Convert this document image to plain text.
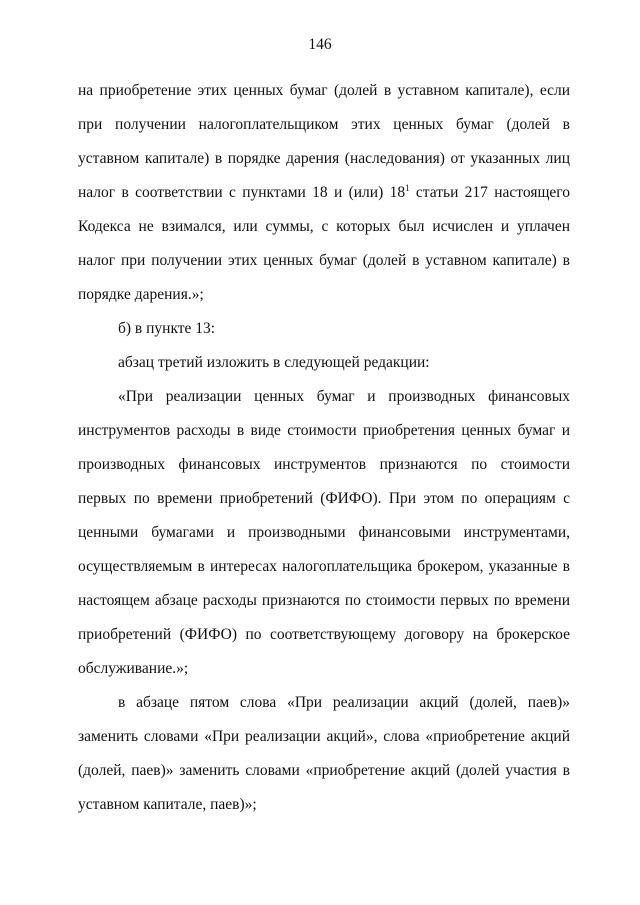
146

на приобретение этих ценных бумаг (долей в уставном капитале), если при получении налогоплательщиком этих ценных бумаг (долей в уставном капитале) в порядке дарения (наследования) от указанных лиц налог в соответствии с пунктами 18 и (или) $18^1$ статьи 217 настоящего Кодекса не взимался, или суммы, с которых был исчислен и уплачен налог при получении этих ценных бумаг (долей в уставном капитале) в порядке дарения.»;

б) в пункте 13:

абзац третий изложить в следующей редакции:

«При реализации ценных бумаг и производных финансовых инструментов расходы в виде стоимости приобретения ценных бумаг и производных финансовых инструментов признаются по стоимости первых по времени приобретений (ФИФО). При этом по операциям с ценными бумагами и производными финансовыми инструментами, осуществляемым в интересах налогоплательщика брокером, указанные в настоящем абзаце расходы признаются по стоимости первых по времени приобретений (ФИФО) по соответствующему договору на брокерское обслуживание.»;

в абзаце пятом слова «При реализации акций (долей, паев)» заменить словами «При реализации акций», слова «приобретение акций (долей, паев)» заменить словами «приобретение акций (долей участия в уставном капитале, паев)»;
